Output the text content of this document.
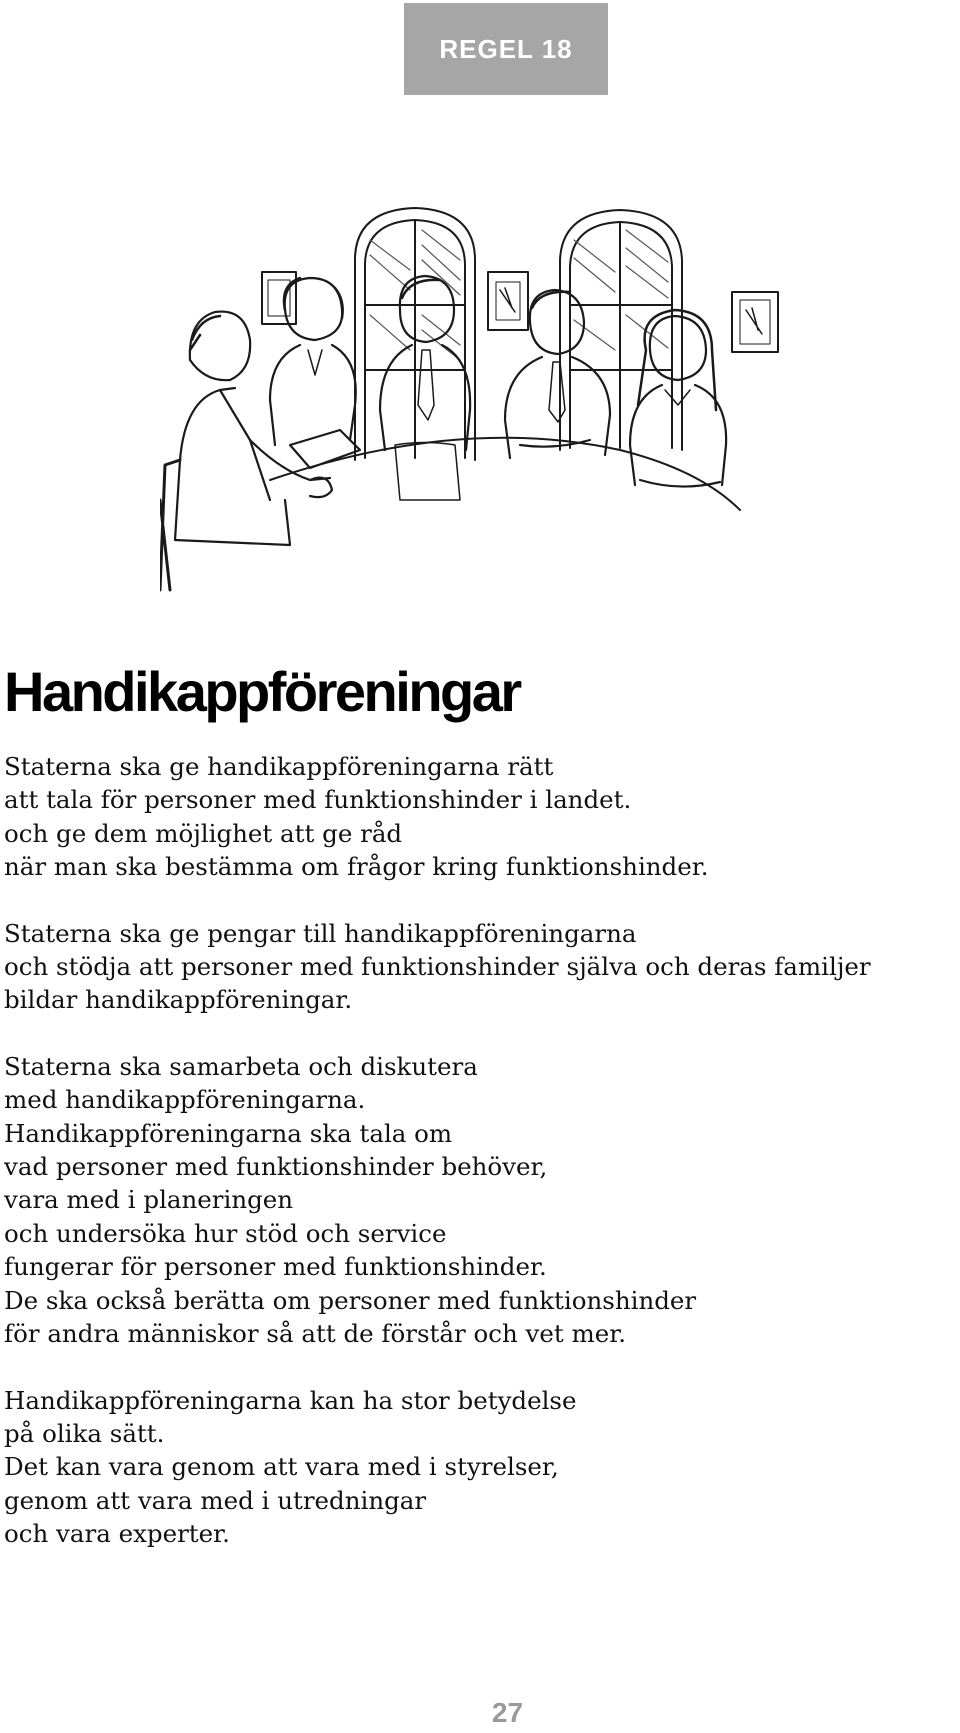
REGEL 18
Handikappföreningar

Staterna ska ge handikappföreningarna rätt
att tala för personer med funktionshinder i landet.
och ge dem möjlighet att ge råd
när man ska bestämma om frågor kring funktionshinder.

Staterna ska ge pengar till handikappföreningarna
och stödja att personer med funktionshinder själva och deras familjer
bildar handikappföreningar.

Staterna ska samarbeta och diskutera
med handikappföreningarna.
Handikappföreningarna ska tala om
vad personer med funktionshinder behöver,
vara med i planeringen
och undersöka hur stöd och service
fungerar för personer med funktionshinder.
De ska också berätta om personer med funktionshinder
för andra människor så att de förstår och vet mer.

Handikappföreningarna kan ha stor betydelse
på olika sätt.
Det kan vara genom att vara med i styrelser,
genom att vara med i utredningar
och vara experter.

27
